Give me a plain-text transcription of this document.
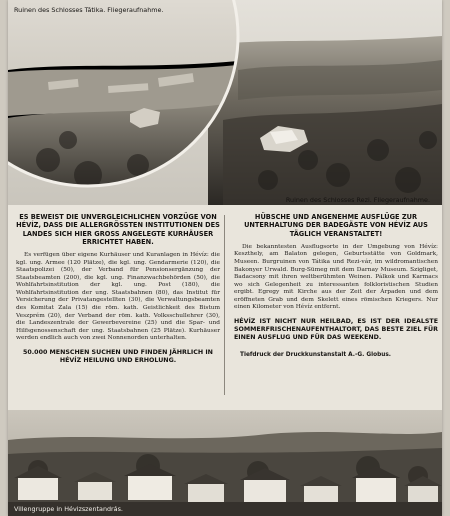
Ruinen des Schlosses Tátika. Fliegeraufnahme.
Ruinen des Schlosses Rezi. Fliegeraufnahme.

ES BEWEIST DIE UNVERGLEICHLICHEN VORZÜGE VON HÉVÍZ, DASS DIE ALLERGRÖSSTEN INSTITUTIONEN DES LANDES SICH HIER GROSS ANGELEGTE KURHÄUSER ERRICHTET HABEN.

Es verfügen über eigene Kurhäuser und Kuranlagen in Hévíz: die kgl. ung. Armee (120 Plätze), die kgl. ung. Gendarmerie (120), die Staatspolizei (50), der Verband für Pensionsergänzung der Staatsbeamten (200), die kgl. ung. Finanzwachbehörden (50), die Wohlfahrtsinstitution der kgl. ung. Post (180), die Wohlfahrtsinstitution der ung. Staatsbahnen (80), das Institut für Versicherung der Privatangestellten (30), die Verwaltungsbeamten des Komitat Zala (15) die röm. kath. Geistlichkeit des Bistum Veszprém (20), der Verband der röm. kath. Volksschullehrer (30), die Landeszentrale der Gewerbevereine (25) und die Spar- und Hilfsgenossenschaft der ung. Staatsbahnen (25 Plätze). Kurhäuser werden endlich auch von zwei Nonnenorden unterhalten.

50.000 MENSCHEN SUCHEN UND FINDEN JÄHRLICH IN HÉVÍZ HEILUNG UND ERHOLUNG.

HÜBSCHE UND ANGENEHME AUSFLÜGE ZUR UNTERHALTUNG DER BADEGÄSTE VON HÉVÍZ AUS TÄGLICH VERANSTALTET!

Die bekanntesten Ausflugsorte in der Umgebung von Hévíz: Keszthely, am Balaton gelegen, Geburtsstätte von Goldmark, Museen. Burgruinen von Tátika und Rezi-vár, im wildromantischen Bakonyer Urwald. Burg-Sümeg mit dem Darnay Museum. Szigliget, Badacsony mit ihren weltberühmten Weinen. Pálkok und Karmacs wo sich Gelegenheit zu interessanten folkloristischen Studien ergibt. Egregy mit Kirche aus der Zeit der Árpaden und dem eröffneten Grab und dem Skelett eines römischen Kriegers. Nur einen Kilometer von Hévíz entfernt.

HÉVÍZ IST NICHT NUR HEILBAD, ES IST DER IDEALSTE SOMMERFRISCHENAUFENTHALTORT, DAS BESTE ZIEL FÜR EINEN AUSFLUG UND FÜR DAS WEEKEND.

Tiefdruck der Druckkunstanstalt A.-G. Globus.
Villengruppe in Hévizszentandrás.
